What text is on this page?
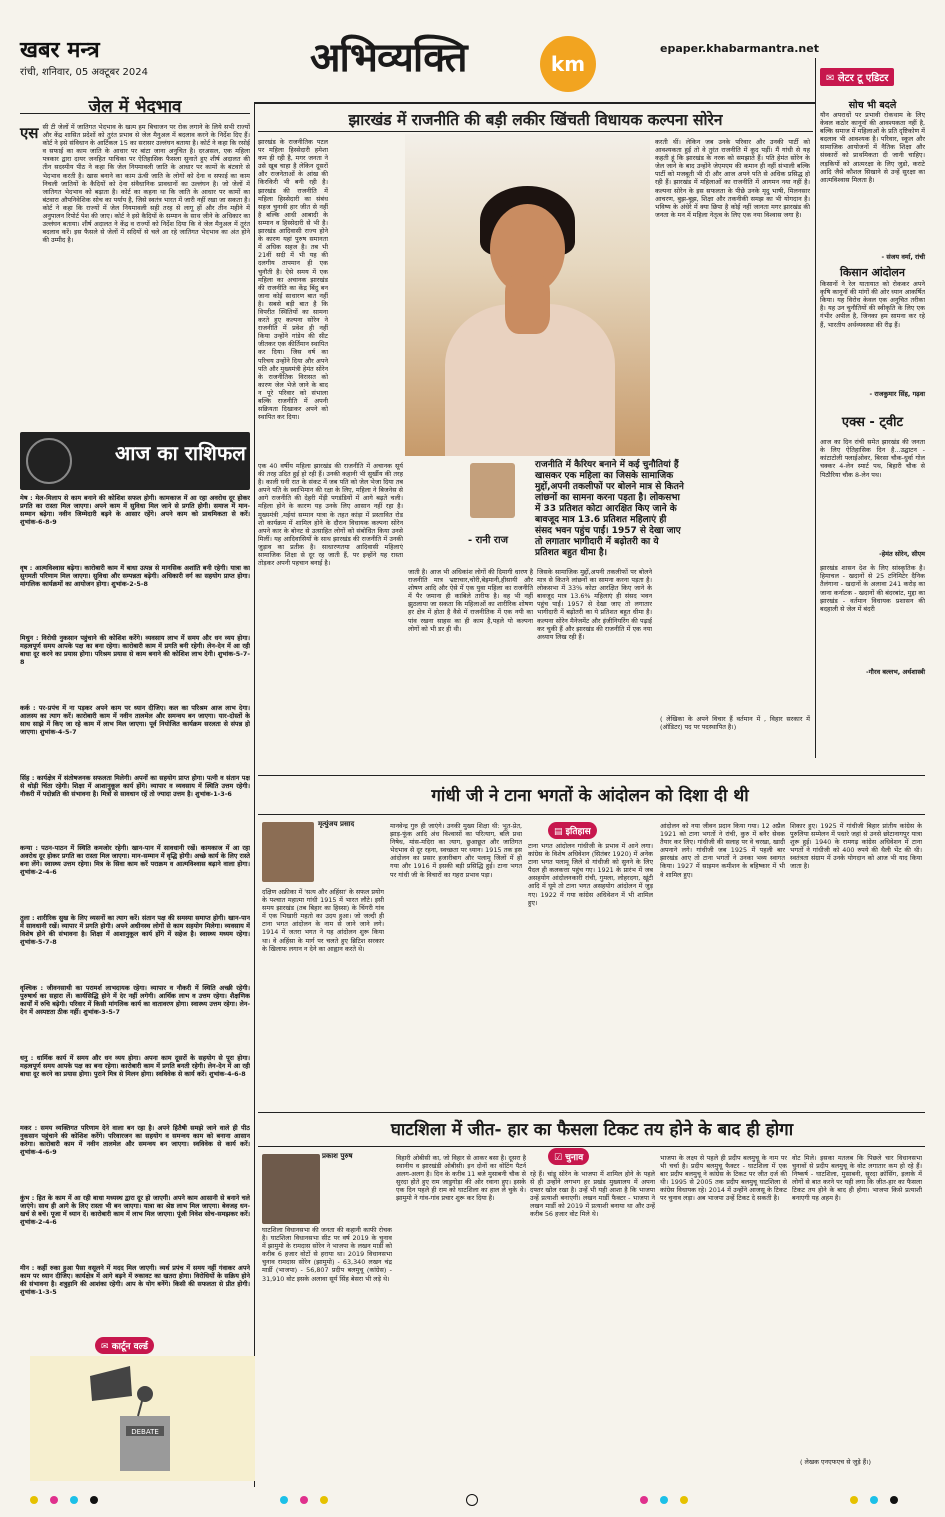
खबर मन्त्र
रांची, शनिवार, 05 अक्टूबर 2024	अभिव्यक्ति	km
epaper.khabarmantra.net
✉ लेटर टू एडिटर
जेल में भेदभाव
एस सी टी जेलों में जातिगत भेदभाव के खत्म हम बिचाजन पर रोक लगाने के लिये सभी राज्यों और केंद्र शासित प्रदेशों को तुरंत प्रभाव से जेल मैनुअल में बदलाव करने के निर्देश दिए हैं। कोर्ट ने इसे संविधान के आर्टिकल 15 का सरासर उल्लंघन बताया है। कोर्ट ने कहा कि रसोई व सफाई का काम जाति के आधार पर बांटा जाना अनुचित है। दरअसल, एक महिला पत्रकार द्वारा दायर जनहित याचिका पर ऐतिहासिक फैसला सुनाते हुए शीर्ष अदालत की तीन सदस्यीय पीठ ने कहा कि जेल नियमावली जाति के आधार पर कामों के बंटवारे से भेदभाव करती है। खास बनाने का काम ऊंची जाति के लोगों को देना व सफाई का काम निचली जातियों के कैदियों को देना संवैधानिक प्रावधानों का उल्लंघन है। जो जेलों में जातिगत भेदभाव को बढ़ाता है। कोर्ट का कहना था कि जाति के आधार पर कामों का बंटवारा औपनिवेशिक सोच का पर्याय है, जिसे स्वतंत्र भारत में जारी नहीं रखा जा सकता है। कोर्ट ने कहा कि राज्यों में जेल नियमावली सही तरह से लागू हों और तीन महीने में अनुपालन रिपोर्ट पेश की जाए। कोर्ट ने इसे कैदियों के सम्मान के साथ जीने के अधिकार का उल्लंघन बताया। शीर्ष अदालत ने केंद्र व राज्यों को निर्देश दिया कि वे जेल मैनुअल में तुरंत बदलाव करें। इस फैसले से जेलों में सदियों से चले आ रहे जातिगत भेदभाव का अंत होने की उम्मीद है।
आज का राशिफल
मेष : मेल-मिलाप से काम बनाने की कोशिश सफल होगी। कामकाज में आ रहा अवरोध दूर होकर प्रगति का रास्ता मिल जाएगा। अपने काम में सुविधा मिल जाने से प्रगति होगी। समाज में मान-सम्मान बढ़ेगा। नवीन जिम्मेदारी बढ़ने के आसार रहेंगे। अपने काम को प्राथमिकता से करें। शुभांक-6-8-9
वृष : आत्मविश्वास बढ़ेगा। कारोबारी काम में बाधा उत्पन्न से मानसिक अशांति बनी रहेगी। यात्रा का सुगमती परिणाम मिल जाएगा। सुविधा और सम्पन्नता बढ़ेगी। अधिकारी वर्ग का सहयोग प्राप्त होगा। मांगलिक कार्यक्रमों का आयोजन होगा। शुभांक-2-5-8
मिथुन : विरोधी नुकसान पहुंचाने की कोशिश करेंगे। व्यवसाय लाभ में समय और धन व्यय होगा। महत्वपूर्ण समय आपके पक्ष का बना रहेगा। कारोबारी काम में प्रगति बनी रहेगी। लेन-देन में आ रही बाधा दूर करने का प्रयास होगा। परिश्रम प्रयास से काम बनाने की कोशिश लाभ देगी। शुभांक-5-7-8
कर्क : पर-प्रपंच में ना पड़कर अपने काम पर ध्यान दीजिए। कल का परिश्रम आज लाभ देगा। आलस्य का त्याग करें। कारोबारी काम में नवीन तालमेल और समन्वय बन जाएगा। यार-दोस्तों के साथ साझे में किए जा रहे काम में लाभ मिल जाएगा। पूर्व नियोजित कार्यक्रम सरलता से संपन्न हो जाएगा। शुभांक-4-5-7
सिंह : कार्यक्षेत्र में संतोषजनक सफलता मिलेगी। अपनों का सहयोग प्राप्त होगा। पत्नी व संतान पक्ष से थोड़ी चिंता रहेगी। शिक्षा में आशानुकूल कार्य होंगे। व्यापार व व्यवसाय में स्थिति उत्तम रहेगी। नौकरी में पदोन्नति की संभावना है। मित्रों से सावधान रहें तो ज्यादा उत्तम है। शुभांक-1-3-6
कन्या : पठन-पाठन में स्थिति कमजोर रहेगी। खान-पान में सावधानी रखें। कामकाज में आ रहा अवरोध दूर होकर प्रगति का रास्ता मिल जाएगा। मान-सम्मान में वृद्धि होगी। अच्छे कार्य के लिए रास्ते बना लेंगे। स्वास्थ्य उत्तम रहेगा। मित्र के सिवा काम करें पराक्रम व आत्मविश्वास बढ़ाने वाला होगा। शुभांक-2-4-6
तुला : शारीरिक सुख के लिए व्यसनों का त्याग करें। संतान पक्ष की समस्या समाप्त होगी। खान-पान में सावधानी रखें। व्यापार में प्रगति होगी। अपने अधीनस्थ लोगों से काम सहयोग मिलेगा। व्यवसाय में विशेष होने की संभावना है। शिक्षा में आशानुकूल कार्य होंगे में सहेज है। स्वास्थ्य मध्यम रहेगा। शुभांक-5-7-8
वृश्चिक : जीवनसाथी का परामर्श लाभदायक रहेगा। व्यापार व नौकरी में स्थिति अच्छी रहेगी। पुरुषार्थ का सहारा लें। कार्यसिद्धि होने में देर नहीं लगेगी। आर्थिक लाभ व उत्तम रहेगा। शैक्षणिक कार्यों में रुचि बढ़ेगी। परिवार में किसी मांगलिक कार्य का वातावरण होगा। स्वास्थ्य उत्तम रहेगा। लेन-देन में अस्पष्टता ठीक नहीं। शुभांक-3-5-7
धनु : धार्मिक कार्य में समय और धन व्यय होगा। अपना काम दूसरों के सहयोग से पूरा होगा। महत्वपूर्ण समय आपके पक्ष का बना रहेगा। कारोबारी काम में प्रगति बनती रहेगी। लेन-देन में आ रही बाधा दूर करने का प्रयास होगा। पुराने मित्र से मिलन होगा। स्वविवेक से कार्य करें। शुभांक-4-6-8
मकर : समय व्यक्तिगत परिणाम देने वाला बन रहा है। अपने हितैषी समझे जाने वाले ही पीठ नुकसान पहुंचाने की कोशिश करेंगे। परिवारजन का सहयोग व समन्वय काम को बनाना आसान करेगा। कारोबारी काम में नवीन तालमेल और समन्वय बन जाएगा। स्वविवेक से कार्य करें। शुभांक-4-6-9
कुंभ : हित के काम में आ रही बाधा मध्यस्थ द्वारा दूर हो जाएगी। अपने काम आसानी से बनाने चले जाएंगे। साथ ही आगे के लिए रास्ता भी बन जाएगा। यात्रा का श्रेष्ठ लाभ मिल जाएगा। बेवजह धन-खर्च से बचें। पूजा में ध्यान दें। कारोबारी काम में लाभ मिल जाएगा। पूंजी निवेश सोच-समझकर करें। शुभांक-2-4-6
मीन : कहीं रुका हुआ पैसा वसूलने में मदद मिल जाएगी। व्यर्थ प्रपंच में समय नहीं गंवाकर अपने काम पर ध्यान दीजिए। कार्यक्षेत्र में आगे बढ़ने में रुकावट का खतरा होगा। विरोधियों के सक्रिय होने की संभावना है। शत्रुहानि की आशंका रहेगी। आप के योग बनेंगे। किसी की सफलता से प्रीत होगी। शुभांक-1-3-5
✉ कार्टून वर्ल्ड
DEBATE
झारखंड में राजनीति की बड़ी लकीर खिंचती विधायक कल्पना सोरेन
झारखंड के राजनीतिक पटल पर महिला हिस्सेदारी हमेशा कम ही रही है, मगर जनता ने उसे खूब चाहा है लेकिन दूसरों और राजनेताओं के आंख की किरकिरी भी बनी रही है। झारखंड की राजनीति में महिला हिस्सेदारी का संबंध सहज चुनावी हार जीत से नहीं है बल्कि आधी आबादी के सम्मान व हिस्सेदारी से भी है। झारखंड आदिवासी राज्य होने के कारण यहां पुरुष समानता में अधिक सहज है। तब भी 21वीं सदी में भी यह की दलगीय तापमान ही एक चुनौती है। ऐसे समय में एक महिला का अचानक झारखंड की राजनीति का केंद्र बिंदु बन जाना कोई साधारण बात नहीं है। सबसे बड़ी बात है कि विपरीत स्थितियों का सामना करते हुए कल्पना सोरेन ने राजनीति में प्रवेश ही नहीं किया उन्होंने गांडेय की सीट जीतकर एक कीर्तिमान स्थापित कर दिया। जिस वर्ष का परिचय उन्होंने दिया और अपने पति और मुख्यमंत्री हेमंत सोरेन के राजनीतिक विरासत को कारण जेल भेजे जाने के बाद न पूरे परिवार को संभाला बल्कि राजनीति में अपनी सक्रियता दिखाकर अपने को स्थापित कर दिया।
करती थीं। लेकिन जब उनके परिवार और उनकी पार्टी को आवश्यकता हुई तो वे तुरंत राजनीति में कूद पड़ीं। मैं गांधी से यह कहती हूं कि झारखंड के नरक को समझाते हैं। पति हेमंत सोरेन के जेल जाने के बाद उन्होंने जेएमएम की कमान ही नहीं संभाली बल्कि पार्टी को मजबूती भी दी और आज अपने पति से अधिक प्रसिद्ध हो रही हैं। झारखंड में महिलाओं का राजनीति में आगमन नया नहीं है। कल्पना सोरेन के इस सफलता के पीछे उनके मृदु भाषी, मिलनसार आचरण, बुझ-बूझ, शिक्षा और तकनीकी समझ का भी योगदान है। भविष्य के अंधेरे में क्या छिपा है कोई नहीं जानता मगर झारखंड की जनता के मन में महिला नेतृत्व के लिए एक नया विश्वास जगा है।
एक 40 वर्षीय महिला झारखंड की राजनीति में अचानक सूर्य की तरह उदित हुई हो रही हैं। उनकी कहानी भी सुर्खीय की तरह है। काली घनी रात के संकट में जब पति को जेल भेजा दिया तब अपने पति के स्वाभिमान की रक्षा के लिए, महिला ने बिजनेस से आगे राजनीति की देहरी मेंड़ी पगडंडियों में आगे बढ़ते चली। महिला होने के कारण यह उनके लिए आसान नहीं रहा है। मुख्यमंत्री ,मईयां सम्मान यात्रा के तहत कांड़ा में प्रस्तावित रोड शो कार्यक्रम में शामिल होने के दौरान विधायक कल्पना सोरेन अपने कार के बोनट से उत्साहित लोगों को संबोधित किया उनसे मिलीं। यह आदिवासियों के साथ झारखंड की राजनीति में उनकी जुड़ाव का प्रतीक है। साधारणतया आदिवासी महिलाएं सामाजिक शिक्षा से दूर रह जाती हैं, पर इन्होंने यह रास्ता तोड़कर अपनी पहचान बनाई है।
- रानी राज
राजनीति में कैरियर बनाने में कई चुनौतियां हैं खासकर एक महिला का जिसके सामाजिक मुद्दों,अपनी तकलीफों पर बोलने मात्र से कितने लांछनों का सामना करना पड़ता है। लोकसभा में 33 प्रतिशत कोटा आरक्षित किए जाने के बावजूद मात्र 13.6 प्रतिशत महिलाएं ही संसद भवन पहुंच पाईं। 1957 से देखा जाए तो लगातार भागीदारी में बढ़ोतरी का ये प्रतिशत बहुत धीमा है।
जाती है। आज भी अधिकांश लोगों की दिमागी धारण है राजनीति मात्र भ्रष्टाचार,चोरी,बेइमानी,हीसायी और शोषण आदि और ऐसे में एक युवा महिला का राजनीति में पैर जमाना ही काबिले तारीफ है। वह भी नहीं झुठलाया जा सकता कि महिलाओं का शारीरिक शोषण हर क्षेत्र में होता है वैसे में राजनीतिक में एक नयी का पांव रखना साहस का ही काम है,पहले यो कल्पना लोगों को भी डर ही थी।
जिसके सामाजिक मुद्दों,अपनी तकलीफों पर बोलने मात्र से कितने लांछनों का सामना करना पड़ता है। लोकसभा में 33% कोटा आरक्षित किए जाने के बावजूद मात्र 13.6% महिलाएं ही संसद भवन पहुंच पाईं। 1957 से देखा जाए तो लगातार भागीदारी में बढ़ोतरी का ये प्रतिशत बहुत धीमा है। कल्पना सोरेन मैनेजमेंट और इंजीनियरिंग की पढ़ाई कर चुकी हैं और झारखंड की राजनीति में एक नया अध्याय लिख रही हैं।
( लेखिका के अपने विचार हैं वर्तमान में , विहार सरकार में (ऑडिटर) पद पर पदस्थापित है।)
सोच भी बदले
यौन अपराधों पर प्रभावी रोकथाम के लिए केवल कठोर कानूनों की आवश्यकता नहीं है, बल्कि समाज में महिलाओं के प्रति दृष्टिकोण में बदलाव भी आवश्यक है। परिवार, स्कूल और सामाजिक आयोजनों में नैतिक शिक्षा और संस्कारों को प्राथमिकता दी जानी चाहिए। लड़कियों को आत्मरक्षा के लिए जुडो, कराटे आदि जैसे कौशल सिखाने से उन्हें सुरक्षा का आत्मविश्वास मिलता है।
- संजय वर्मा, रांची
किसान आंदोलन
किसानों ने रेल यातायात को रोककर अपने कृषि कानूनों की मांगों की ओर ध्यान आकर्षित किया। यह विरोध केवल एक अनुचित तरीका है। यह उन चुनौतियों की स्वीकृति के लिए एक गंभीर अपील है, जिनका हम सामना कर रहे हैं, भारतीय अर्थव्यवस्था की रीढ़ हैं।
- राजकुमार सिंह, गढ़वा
एक्स - ट्वीट
आज का दिन रांची समेत झारखंड की जनता के लिए ऐतिहासिक दिन है...उद्घाटन - कांटाटोली फ्लाईओवर, बिरसा चौक-धुर्वा गोल चक्कर 4-लेन स्मार्ट पथ, बिहारी चौक से पिठौरिया चौक 8-लेन पथ।
-हेमंत सोरेन, सीएम
झारखंड शासन देश के लिए सांस्कृतिक है। हिमाचल - खदानों से 25 टनिमिटेर दैनिक तैलंगाना - खदानों के अलावा 241 करोड़ का जाना कर्नाटक - खदानों की बंदरबांट, मुद्दा का झारखंड - वर्तमान विधायक प्रशासन की बदहाली से जेल में बंदरी
-गौरव बल्लभ, अर्थशास्त्री
गांधी जी ने टाना भगतों के आंदोलन को दिशा दी थी
मृत्युंजय प्रसाद
दक्षिण अफ्रीका में 'सत्य और अहिंसा' के सफल प्रयोग के पश्चात महात्मा गांधी 1915 में भारत लौटे। इसी समय झारखंड (तब बिहार का हिस्सा) के चिंगरी गांव में एक भिखारी महतो का उदय हुआ। जो जल्दी ही टाना भगत आंदोलन के नाम से जाने जाने लगे। 1914 में जतरा भगत ने यह आंदोलन शुरू किया था। वे अहिंसा के मार्ग पर चलते हुए ब्रिटिश सरकार के खिलाफ लगान न देने का आह्वान करते थे।
मानवेन्द्र गुरु ही जाएंगे। उनकी मुख्य शिक्षा थी: भूत-प्रेत, झाड़-फूंक आदि अंध विश्वासों का परित्याग, बलि प्रथा निषेध, मांस-मदिरा का त्याग, छुआछूत और जातिगत भेदभाव से दूर रहना, स्वच्छता पर ध्यान। 1915 तक इस आंदोलन का प्रसार हजारीबाग और पलामू जिलों में हो गया और 1916 में इसकी बड़ी प्रसिद्धि हुई। टाना भगत पर गांधी जी के विचारों का गहरा प्रभाव पड़ा।
▤ इतिहास
टाना भगत आंदोलन गांधीजी के प्रभाव में आने लगा। कांग्रेस के विशेष अधिवेशन (सितंबर 1920) में अनेक टाना भगत पलामू जिले से गांधीजी को सुनने के लिए पैदल ही कलकत्ता पहुंच गए। 1921 के प्रारंभ में जब असहयोग आंदोलनकारी रांची, गुमला, लोहरदगा, खूंटी आदि में घूमे तो टाना भगत असहयोग आंदोलन में जुड़ गए। 1922 में गया कांग्रेस अधिवेशन में भी शामिल हुए।
आंदोलन को नया जीवन प्रदान किया गया। 12 अप्रैल 1921 को टाना भगतों ने रांची, कुरु में बनैर सेवक तैयार कर लिए। गांधीजी की सलाह पर वे चरखा, खादी अपनाने लगे। गांधीजी जब 1925 में पहली बार झारखंड आए तो टाना भगतों ने उनका भव्य स्वागत किया। 1927 में साइमन कमीशन के बहिष्कार में भी वे शामिल हुए।
शिकार हुए। 1925 में गांधीजी बिहार प्रांतीय कांग्रेस के पुरुलिया सम्मेलन में पधारे जहां से उनसे छोटानागपुर यात्रा शुरू हुई। 1940 के रामगढ़ कांग्रेस अधिवेशन में टाना भगतों ने गांधीजी को 400 रुपये की थैली भेंट की थी। स्वतंत्रता संग्राम में उनके योगदान को आज भी याद किया जाता है।
घाटशिला में जीत- हार का फैसला टिकट तय होने के बाद ही होगा
प्रकाश पुरुष
घाटशिला विधानसभा की जनता की कहानी काफी रोचक है। घाटशिला विधानसभा सीट पर वर्ष 2019 के चुनाव में झामुमो के रामदास सोरेन ने भाजपा के लखन मार्डी को करीब 6 हजार वोटों से हराया था। 2019 विधानसभा चुनाव रामदास सोरेन (झामुमो) - 63,340 लखन चंद्र मार्डी (भाजपा) - 56,807 प्रदीप बलमुचू (कांग्रेस) - 31,910 वोट इसके अलावा सूर्य सिंह बेसरा भी लड़े थे।
विहारी ओबीसी का, जो विहार से आकर बसा है। दूसरा है स्थानीय व झारखंडी ओबीसी। इन दोनों का वोटिंग पैटर्न अलग-अलग है। दिन के करीब 11 बजे मुसाबनी चौक से सुरदा होते हुए राम जाडुगोड़ा की ओर रवाना हुए। इसके एक दिन पहले ही राम को घाटशिला का हाल ले चुके थे। झामुमो ने गांव-गांव प्रचार शुरू कर दिया है।
☑ चुनाव
रहे हैं। चांडू सोरेन के भाजपा में शामिल होने के पहले से ही उन्होंने लगभग हर प्रखंड मुख्यालय में अपना दफ्तर खोल रखा है। उन्हें भी यही आशा है कि भाजपा उन्हें प्रत्याशी बनाएगी। लखन मार्डी फैक्टर - भाजपा ने लखन मार्डी को 2019 में प्रत्याशी बनाया था और उन्हें करीब 56 हजार वोट मिले थे।
भाजपा के लक्ष्य से पहले ही प्रदीप बलमुचू के नाम पर भी चर्चा है। प्रदीप बलमुचू फैक्टर - घाटशिला में एक बार प्रदीप बलमुचू ने कांग्रेस के टिकट पर जीत दर्ज की थी। 1995 से 2005 तक प्रदीप बलमुचू घाटशिला से कांग्रेस विधायक रहे। 2014 में उन्होंने आजसू के टिकट पर चुनाव लड़ा। अब भाजपा उन्हें टिकट दे सकती है।
वोट मिले। इसका मतलब कि पिछले चार विधानसभा चुनावों से प्रदीप बलमुचू के वोट लगातार कम हो रहे हैं। निष्कर्ष - घाटशिला, मुसाबनी, सुरदा क्रॉसिंग, इलाके में लोगों से बात करने पर यही लगा कि जीत-हार का फैसला टिकट तय होने के बाद ही होगा। भाजपा किसे प्रत्याशी बनाएगी यह अहम है।
( लेखक एनएफएच से जुड़े हैं।)
